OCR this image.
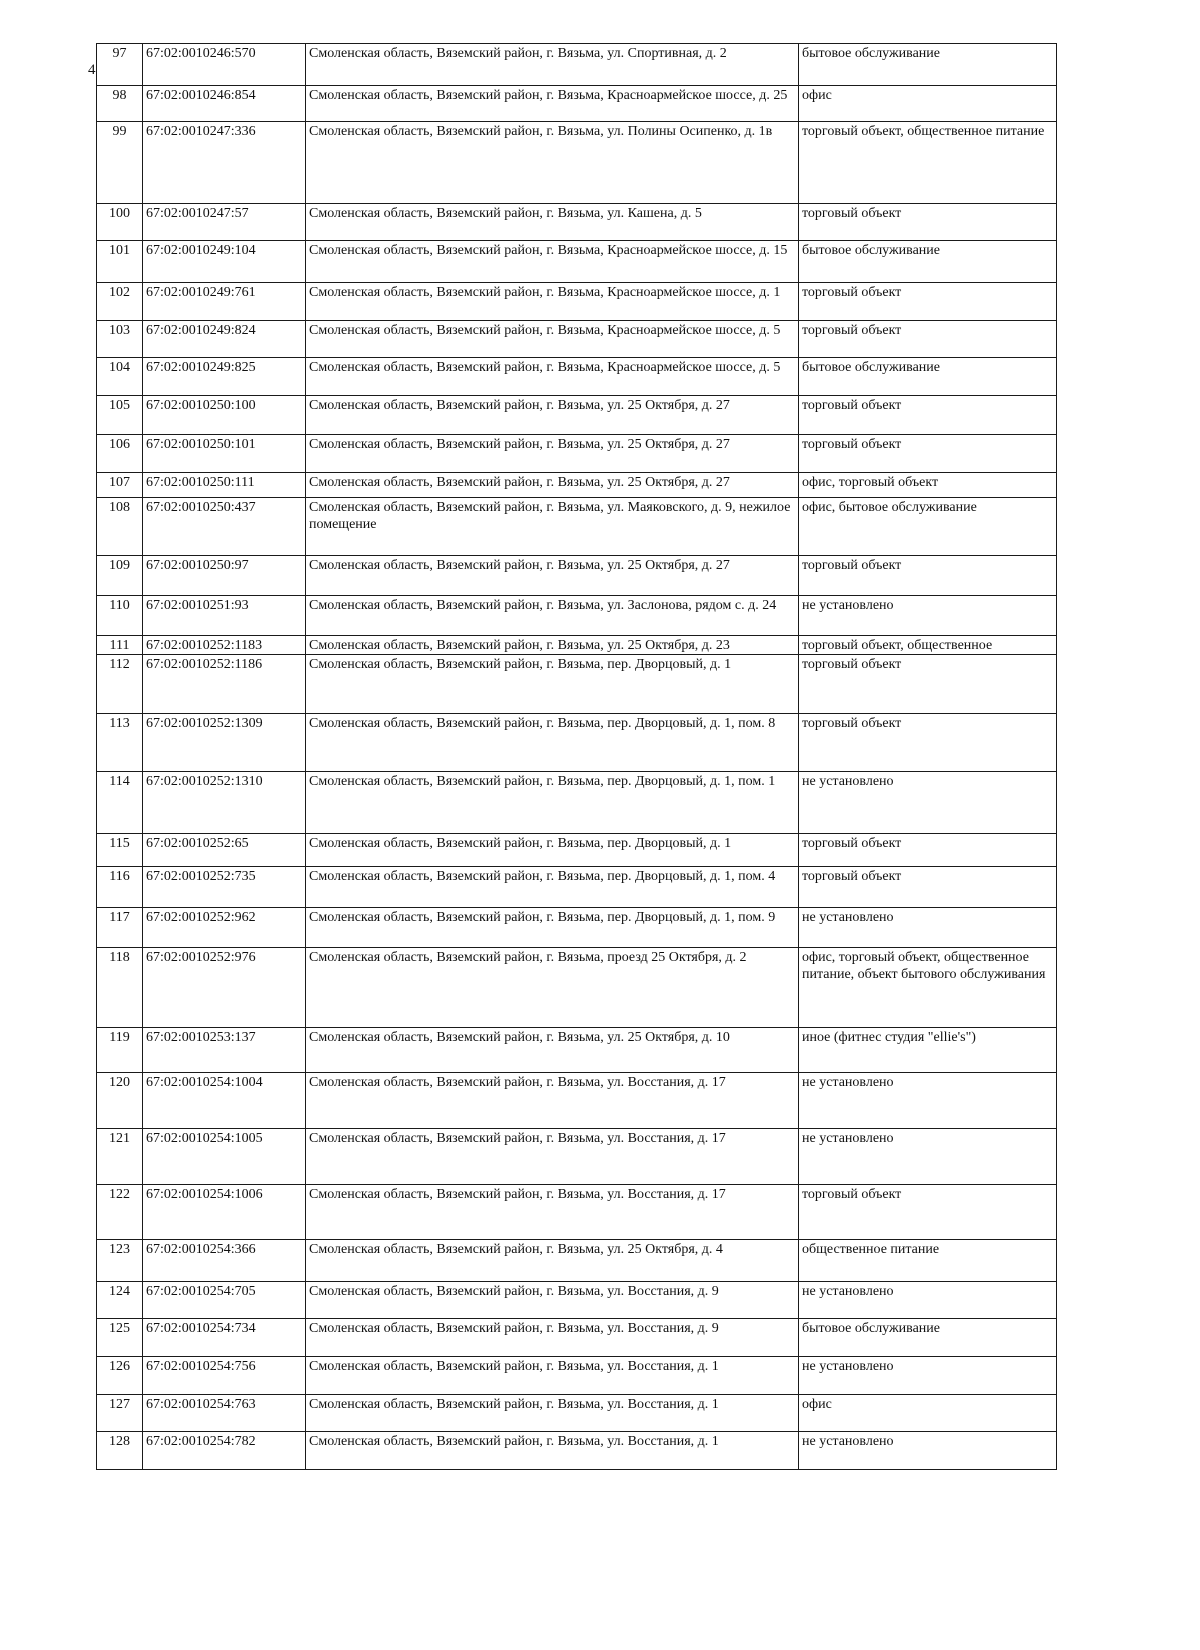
4
97	67:02:0010246:570	Смоленская область, Вяземский район, г. Вязьма, ул. Спортивная, д. 2	бытовое обслуживание
98	67:02:0010246:854	Смоленская область, Вяземский район, г. Вязьма, Красноармейское шоссе, д. 25	офис
99	67:02:0010247:336	Смоленская область, Вяземский район, г. Вязьма, ул. Полины Осипенко, д. 1в	торговый объект, общественное питание
100	67:02:0010247:57	Смоленская область, Вяземский район, г. Вязьма, ул. Кашена, д. 5	торговый объект
101	67:02:0010249:104	Смоленская область, Вяземский район, г. Вязьма, Красноармейское шоссе, д. 15	бытовое обслуживание
102	67:02:0010249:761	Смоленская область, Вяземский район, г. Вязьма, Красноармейское шоссе, д. 1	торговый объект
103	67:02:0010249:824	Смоленская область, Вяземский район, г. Вязьма, Красноармейское шоссе, д. 5	торговый объект
104	67:02:0010249:825	Смоленская область, Вяземский район, г. Вязьма, Красноармейское шоссе, д. 5	бытовое обслуживание
105	67:02:0010250:100	Смоленская область, Вяземский район, г. Вязьма, ул. 25 Октября, д. 27	торговый объект
106	67:02:0010250:101	Смоленская область, Вяземский район, г. Вязьма, ул. 25 Октября, д. 27	торговый объект
107	67:02:0010250:111	Смоленская область, Вяземский район, г. Вязьма, ул. 25 Октября, д. 27	офис, торговый объект
108	67:02:0010250:437	Смоленская область, Вяземский район, г. Вязьма, ул. Маяковского, д. 9, нежилое помещение	офис, бытовое обслуживание
109	67:02:0010250:97	Смоленская область, Вяземский район, г. Вязьма, ул. 25 Октября, д. 27	торговый объект
110	67:02:0010251:93	Смоленская область, Вяземский район, г. Вязьма, ул. Заслонова, рядом с. д. 24	не установлено
111	67:02:0010252:1183	Смоленская область, Вяземский район, г. Вязьма, ул. 25 Октября, д. 23	торговый объект, общественное
112	67:02:0010252:1186	Смоленская область, Вяземский район, г. Вязьма, пер. Дворцовый, д. 1	торговый объект
113	67:02:0010252:1309	Смоленская область, Вяземский район, г. Вязьма, пер. Дворцовый, д. 1, пом. 8	торговый объект
114	67:02:0010252:1310	Смоленская область, Вяземский район, г. Вязьма, пер. Дворцовый, д. 1, пом. 1	не установлено
115	67:02:0010252:65	Смоленская область, Вяземский район, г. Вязьма, пер. Дворцовый, д. 1	торговый объект
116	67:02:0010252:735	Смоленская область, Вяземский район, г. Вязьма, пер. Дворцовый, д. 1, пом. 4	торговый объект
117	67:02:0010252:962	Смоленская область, Вяземский район, г. Вязьма, пер. Дворцовый, д. 1, пом. 9	не установлено
118	67:02:0010252:976	Смоленская область, Вяземский район, г. Вязьма, проезд 25 Октября, д. 2	офис, торговый объект, общественное питание, объект бытового обслуживания
119	67:02:0010253:137	Смоленская область, Вяземский район, г. Вязьма, ул. 25 Октября, д. 10	иное (фитнес студия "ellie's")
120	67:02:0010254:1004	Смоленская область, Вяземский район, г. Вязьма, ул. Восстания, д. 17	не установлено
121	67:02:0010254:1005	Смоленская область, Вяземский район, г. Вязьма, ул. Восстания, д. 17	не установлено
122	67:02:0010254:1006	Смоленская область, Вяземский район, г. Вязьма, ул. Восстания, д. 17	торговый объект
123	67:02:0010254:366	Смоленская область, Вяземский район, г. Вязьма, ул. 25 Октября, д. 4	общественное питание
124	67:02:0010254:705	Смоленская область, Вяземский район, г. Вязьма, ул. Восстания, д. 9	не установлено
125	67:02:0010254:734	Смоленская область, Вяземский район, г. Вязьма, ул. Восстания, д. 9	бытовое обслуживание
126	67:02:0010254:756	Смоленская область, Вяземский район, г. Вязьма, ул. Восстания, д. 1	не установлено
127	67:02:0010254:763	Смоленская область, Вяземский район, г. Вязьма, ул. Восстания, д. 1	офис
128	67:02:0010254:782	Смоленская область, Вяземский район, г. Вязьма, ул. Восстания, д. 1	не установлено
